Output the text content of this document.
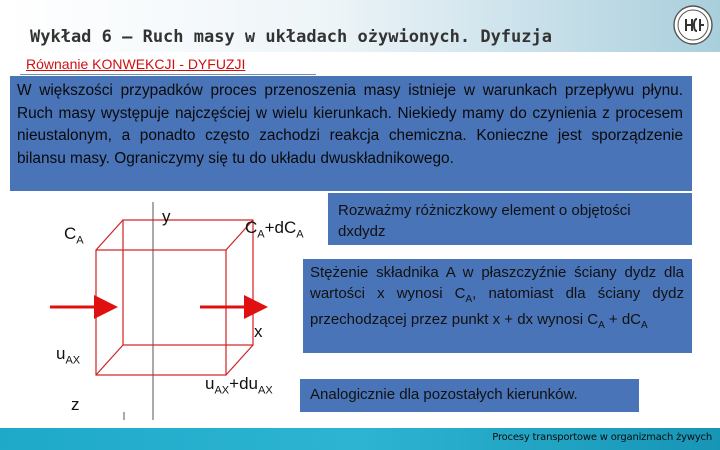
Wykład 6 – Ruch masy w układach ożywionych. Dyfuzja
Równanie KONWEKCJI - DYFUZJI

W większości przypadków proces przenoszenia masy istnieje w warunkach przepływu płynu. Ruch masy występuje najczęściej w wielu kierunkach. Niekiedy mamy do czynienia z procesem nieustalonym, a ponadto często zachodzi reakcja chemiczna. Konieczne jest sporządzenie bilansu masy. Ograniczymy się tu do układu dwuskładnikowego.

y
$C_A$
$C_A+dC_A$
x
$u_{AX}$
$u_{AX}+du_{AX}$
z
Rozważmy różniczkowy element o objętości dxdydz
Stężenie składnika A w płaszczyźnie ściany dydz dla wartości x wynosi $C_A$, natomiast dla ściany dydz przechodzącej przez punkt x + dx wynosi $C_A + dC_A$
Analogicznie dla pozostałych kierunków.
Procesy transportowe w organizmach żywych
